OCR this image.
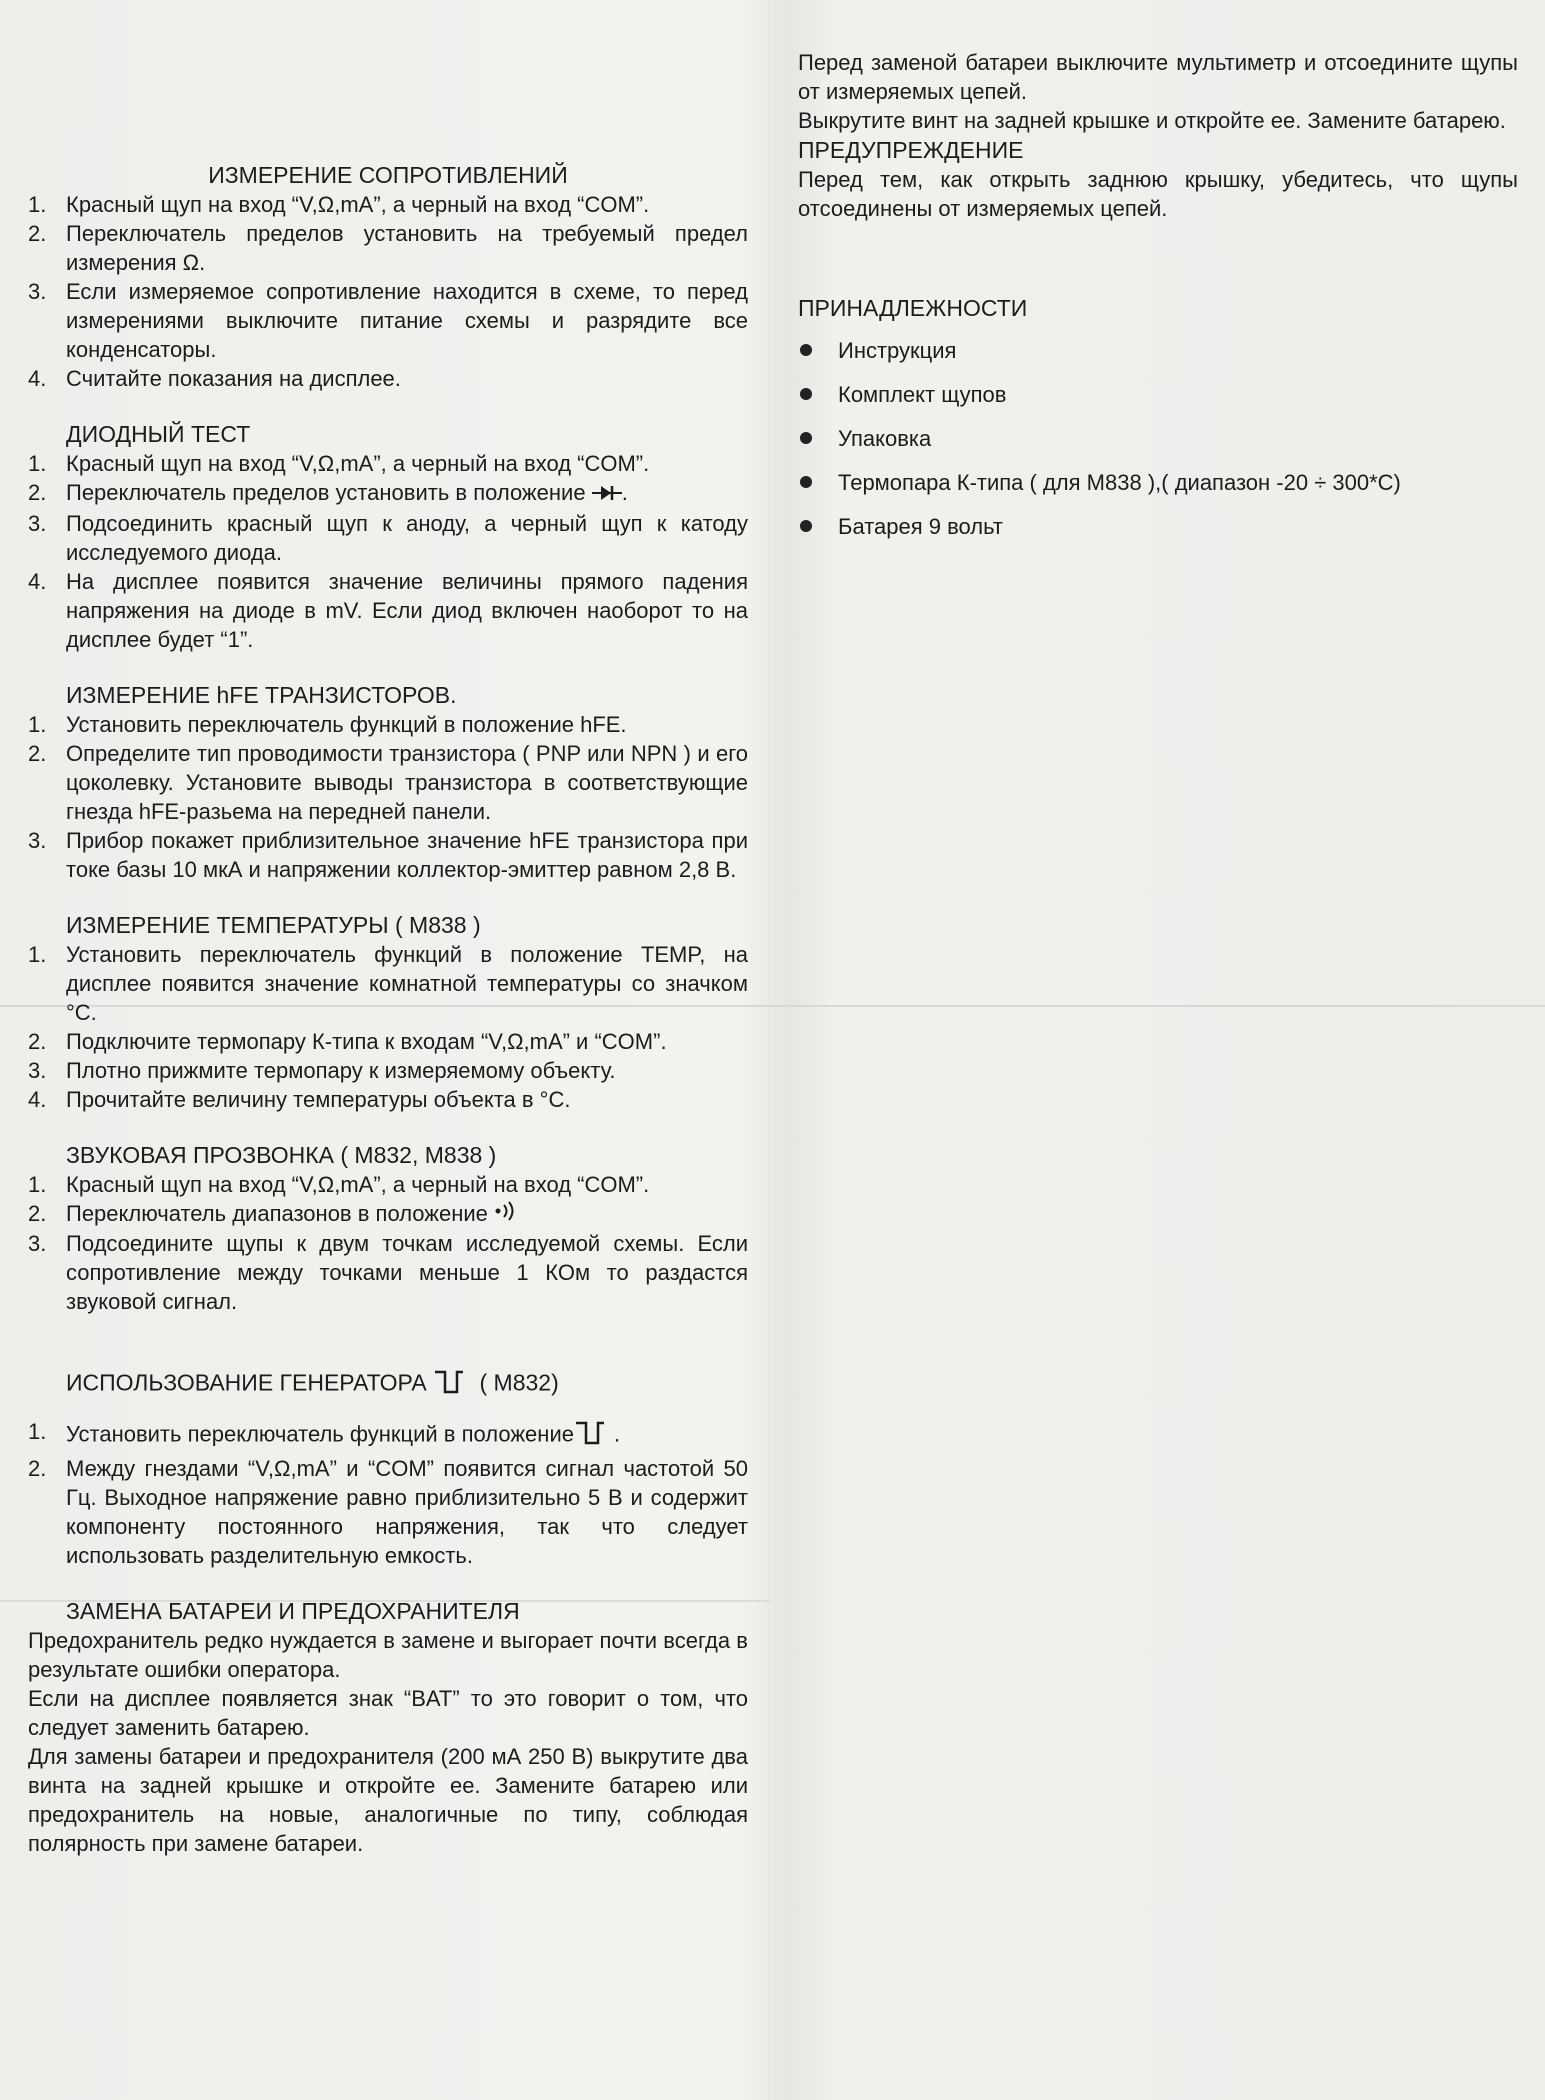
ИЗМЕРЕНИЕ СОПРОТИВЛЕНИЙ
1. Красный щуп на вход “V,Ω,mA”, а черный на вход “COM”.
2. Переключатель пределов установить на требуемый предел измерения Ω.
3. Если измеряемое сопротивление находится в схеме, то перед измерениями выключите питание схемы и разрядите все конденсаторы.
4. Считайте показания на дисплее.
ДИОДНЫЙ ТЕСТ
1. Красный щуп на вход “V,Ω,mA”, а черный на вход “COM”.
2. Переключатель пределов установить в положение .
3. Подсоединить красный щуп к аноду, а черный щуп к катоду исследуемого диода.
4. На дисплее появится значение величины прямого падения напряжения на диоде в mV. Если диод включен наоборот то на дисплее будет “1”.
ИЗМЕРЕНИЕ hFE ТРАНЗИСТОРОВ.
1. Установить переключатель функций в положение hFE.
2. Определите тип проводимости транзистора ( PNP или NPN ) и его цоколевку. Установите выводы транзистора в соответствующие гнезда hFE-разьема на передней панели.
3. Прибор покажет приблизительное значение hFE транзистора при токе базы 10 мкА и напряжении коллектор-эмиттер равном 2,8 В.
ИЗМЕРЕНИЕ ТЕМПЕРАТУРЫ ( M838 )
1. Установить переключатель функций в положение TEMP, на дисплее появится значение комнатной температуры со значком °C.
2. Подключите термопару К-типа к входам “V,Ω,mA” и “COM”.
3. Плотно прижмите термопару к измеряемому объекту.
4. Прочитайте величину температуры объекта в °C.
ЗВУКОВАЯ ПРОЗВОНКА ( M832, M838 )
1. Красный щуп на вход “V,Ω,mA”, а черный на вход “COM”.
2. Переключатель диапазонов в положение
3. Подсоедините щупы к двум точкам исследуемой схемы. Если сопротивление между точками меньше 1 КОм то раздастся звуковой сигнал.
ИСПОЛЬЗОВАНИЕ ГЕНЕРАТОРА ( M832)
1. Установить переключатель функций в положение .
2. Между гнездами “V,Ω,mA” и “COM” появится сигнал частотой 50 Гц. Выходное напряжение равно приблизительно 5 В и содержит компоненту постоянного напряжения, так что следует использовать разделительную емкость.
ЗАМЕНА БАТАРЕИ И ПРЕДОХРАНИТЕЛЯ

Предохранитель редко нуждается в замене и выгорает почти всегда в результате ошибки оператора.

Если на дисплее появляется знак “BAT” то это говорит о том, что следует заменить батарею.

Для замены батареи и предохранителя (200 мА 250 В) выкрутите два винта на задней крышке и откройте ее. Замените батарею или предохранитель на новые, аналогичные по типу, соблюдая полярность при замене батареи.

Перед заменой батареи выключите мультиметр и отсоедините щупы от измеряемых цепей.

Выкрутите винт на задней крышке и откройте ее. Замените батарею.

ПРЕДУПРЕЖДЕНИЕ

Перед тем, как открыть заднюю крышку, убедитесь, что щупы отсоединены от измеряемых цепей.

ПРИНАДЛЕЖНОСТИ
Инструкция
Комплект щупов
Упаковка
Термопара К-типа ( для M838 ),( диапазон -20 ÷ 300*C)
Батарея 9 вольт
